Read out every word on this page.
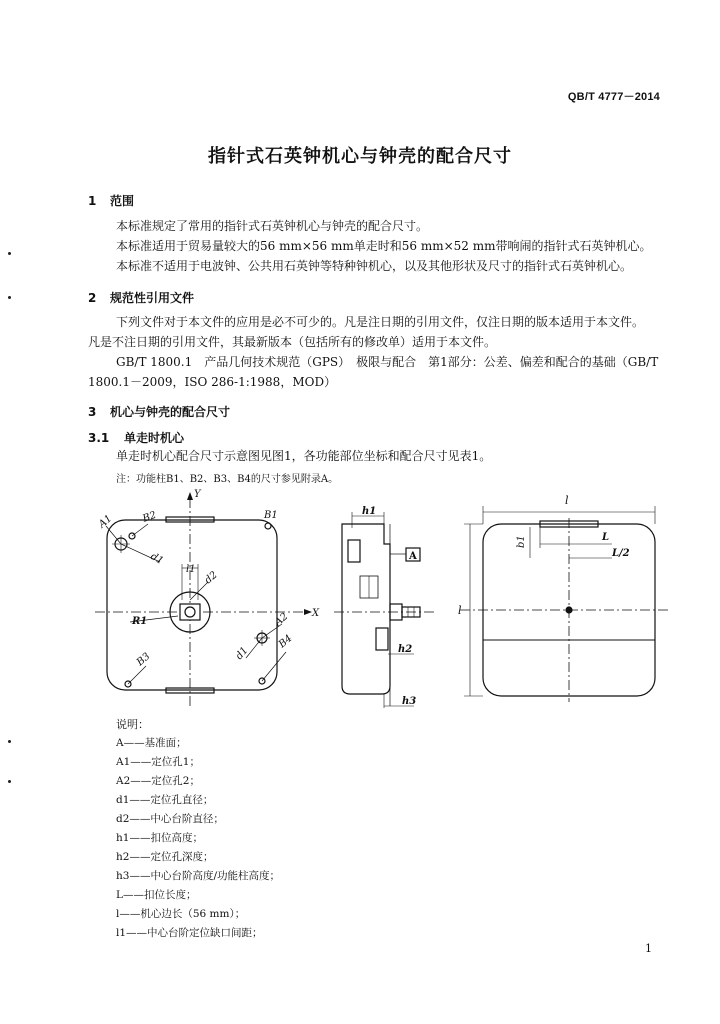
QB/T 4777－2014
指针式石英钟机心与钟壳的配合尺寸
1 范围
本标准规定了常用的指针式石英钟机心与钟壳的配合尺寸。
本标准适用于贸易量较大的56 mm×56 mm单走时和56 mm×52 mm带响闹的指针式石英钟机心。
本标准不适用于电波钟、公共用石英钟等特种钟机心，以及其他形状及尺寸的指针式石英钟机心。
2 规范性引用文件
下列文件对于本文件的应用是必不可少的。凡是注日期的引用文件，仅注日期的版本适用于本文件。
凡是不注日期的引用文件，其最新版本（包括所有的修改单）适用于本文件。
GB/T 1800.1　产品几何技术规范（GPS）　极限与配合　第1部分：公差、偏差和配合的基础（GB/T
1800.1－2009，ISO 286-1:1988，MOD）
3 机心与钟壳的配合尺寸
3.1 单走时机心
单走时机心配合尺寸示意图见图1，各功能部位坐标和配合尺寸见表1。
注：功能柱B1、B2、B3、B4的尺寸参见附录A。
Y
X
A1	B2	B1
d1
l1
d2
R1	A2
d1
B4
B3
A
h1
h2
h3
l
l
L
L/2
b1
说明：
A——基准面；
A1——定位孔1；
A2——定位孔2；
d1——定位孔直径；
d2——中心台阶直径；
h1——扣位高度；
h2——定位孔深度；
h3——中心台阶高度/功能柱高度；
L——扣位长度；
l——机心边长（56 mm）；
l1——中心台阶定位缺口间距；
1
